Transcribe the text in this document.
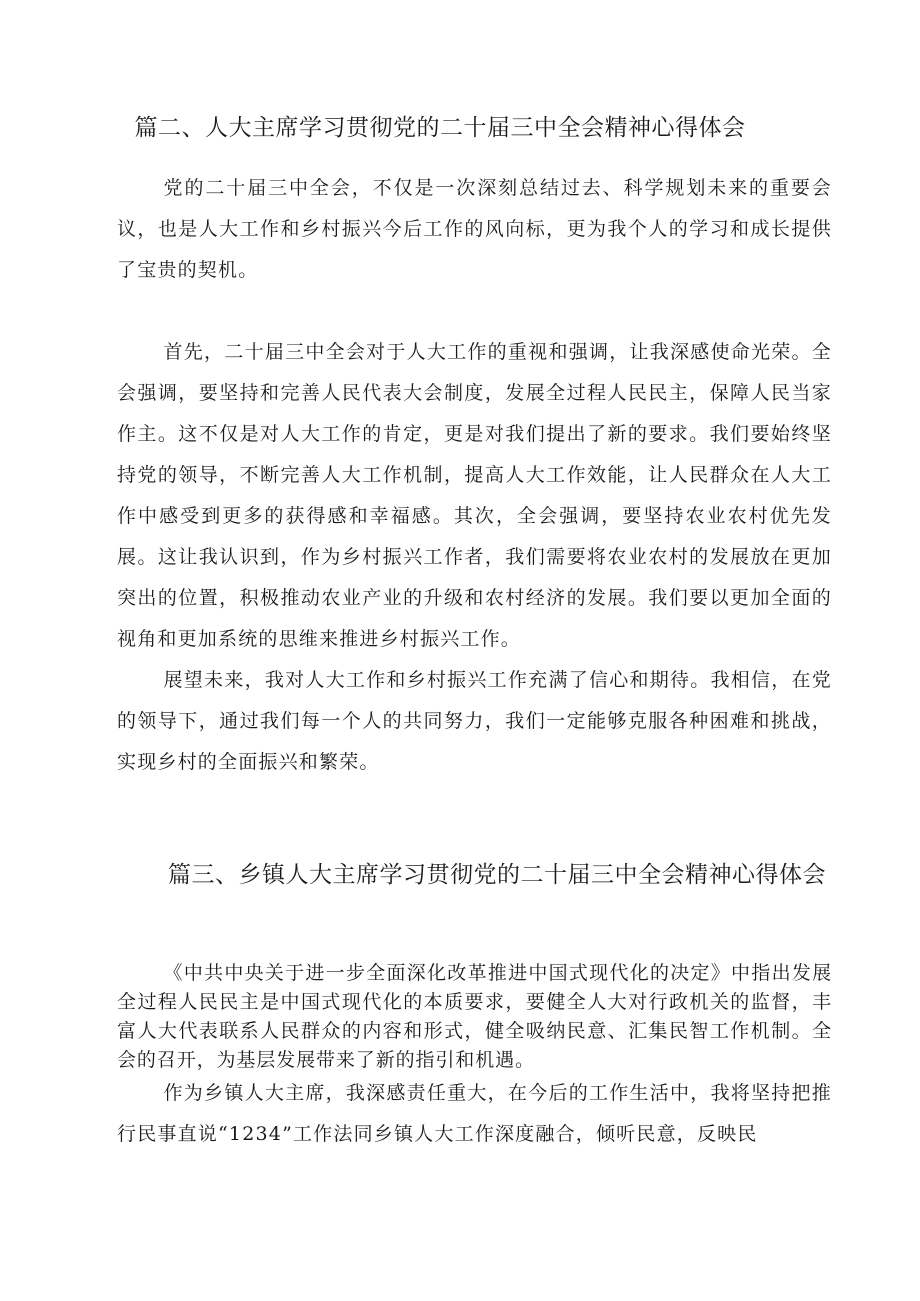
篇二、人大主席学习贯彻党的二十届三中全会精神心得体会

党的二十届三中全会，不仅是一次深刻总结过去、科学规划未来的重要会议，也是人大工作和乡村振兴今后工作的风向标，更为我个人的学习和成长提供了宝贵的契机。

首先，二十届三中全会对于人大工作的重视和强调，让我深感使命光荣。全会强调，要坚持和完善人民代表大会制度，发展全过程人民民主，保障人民当家作主。这不仅是对人大工作的肯定，更是对我们提出了新的要求。我们要始终坚持党的领导，不断完善人大工作机制，提高人大工作效能，让人民群众在人大工作中感受到更多的获得感和幸福感。其次，全会强调，要坚持农业农村优先发展。这让我认识到，作为乡村振兴工作者，我们需要将农业农村的发展放在更加突出的位置，积极推动农业产业的升级和农村经济的发展。我们要以更加全面的视角和更加系统的思维来推进乡村振兴工作。

展望未来，我对人大工作和乡村振兴工作充满了信心和期待。我相信，在党的领导下，通过我们每一个人的共同努力，我们一定能够克服各种困难和挑战，实现乡村的全面振兴和繁荣。

篇三、乡镇人大主席学习贯彻党的二十届三中全会精神心得体会

《中共中央关于进一步全面深化改革推进中国式现代化的决定》中指出发展全过程人民民主是中国式现代化的本质要求，要健全人大对行政机关的监督，丰富人大代表联系人民群众的内容和形式，健全吸纳民意、汇集民智工作机制。全会的召开，为基层发展带来了新的指引和机遇。

作为乡镇人大主席，我深感责任重大，在今后的工作生活中，我将坚持把推行民事直说“1234”工作法同乡镇人大工作深度融合，倾听民意，反映民
